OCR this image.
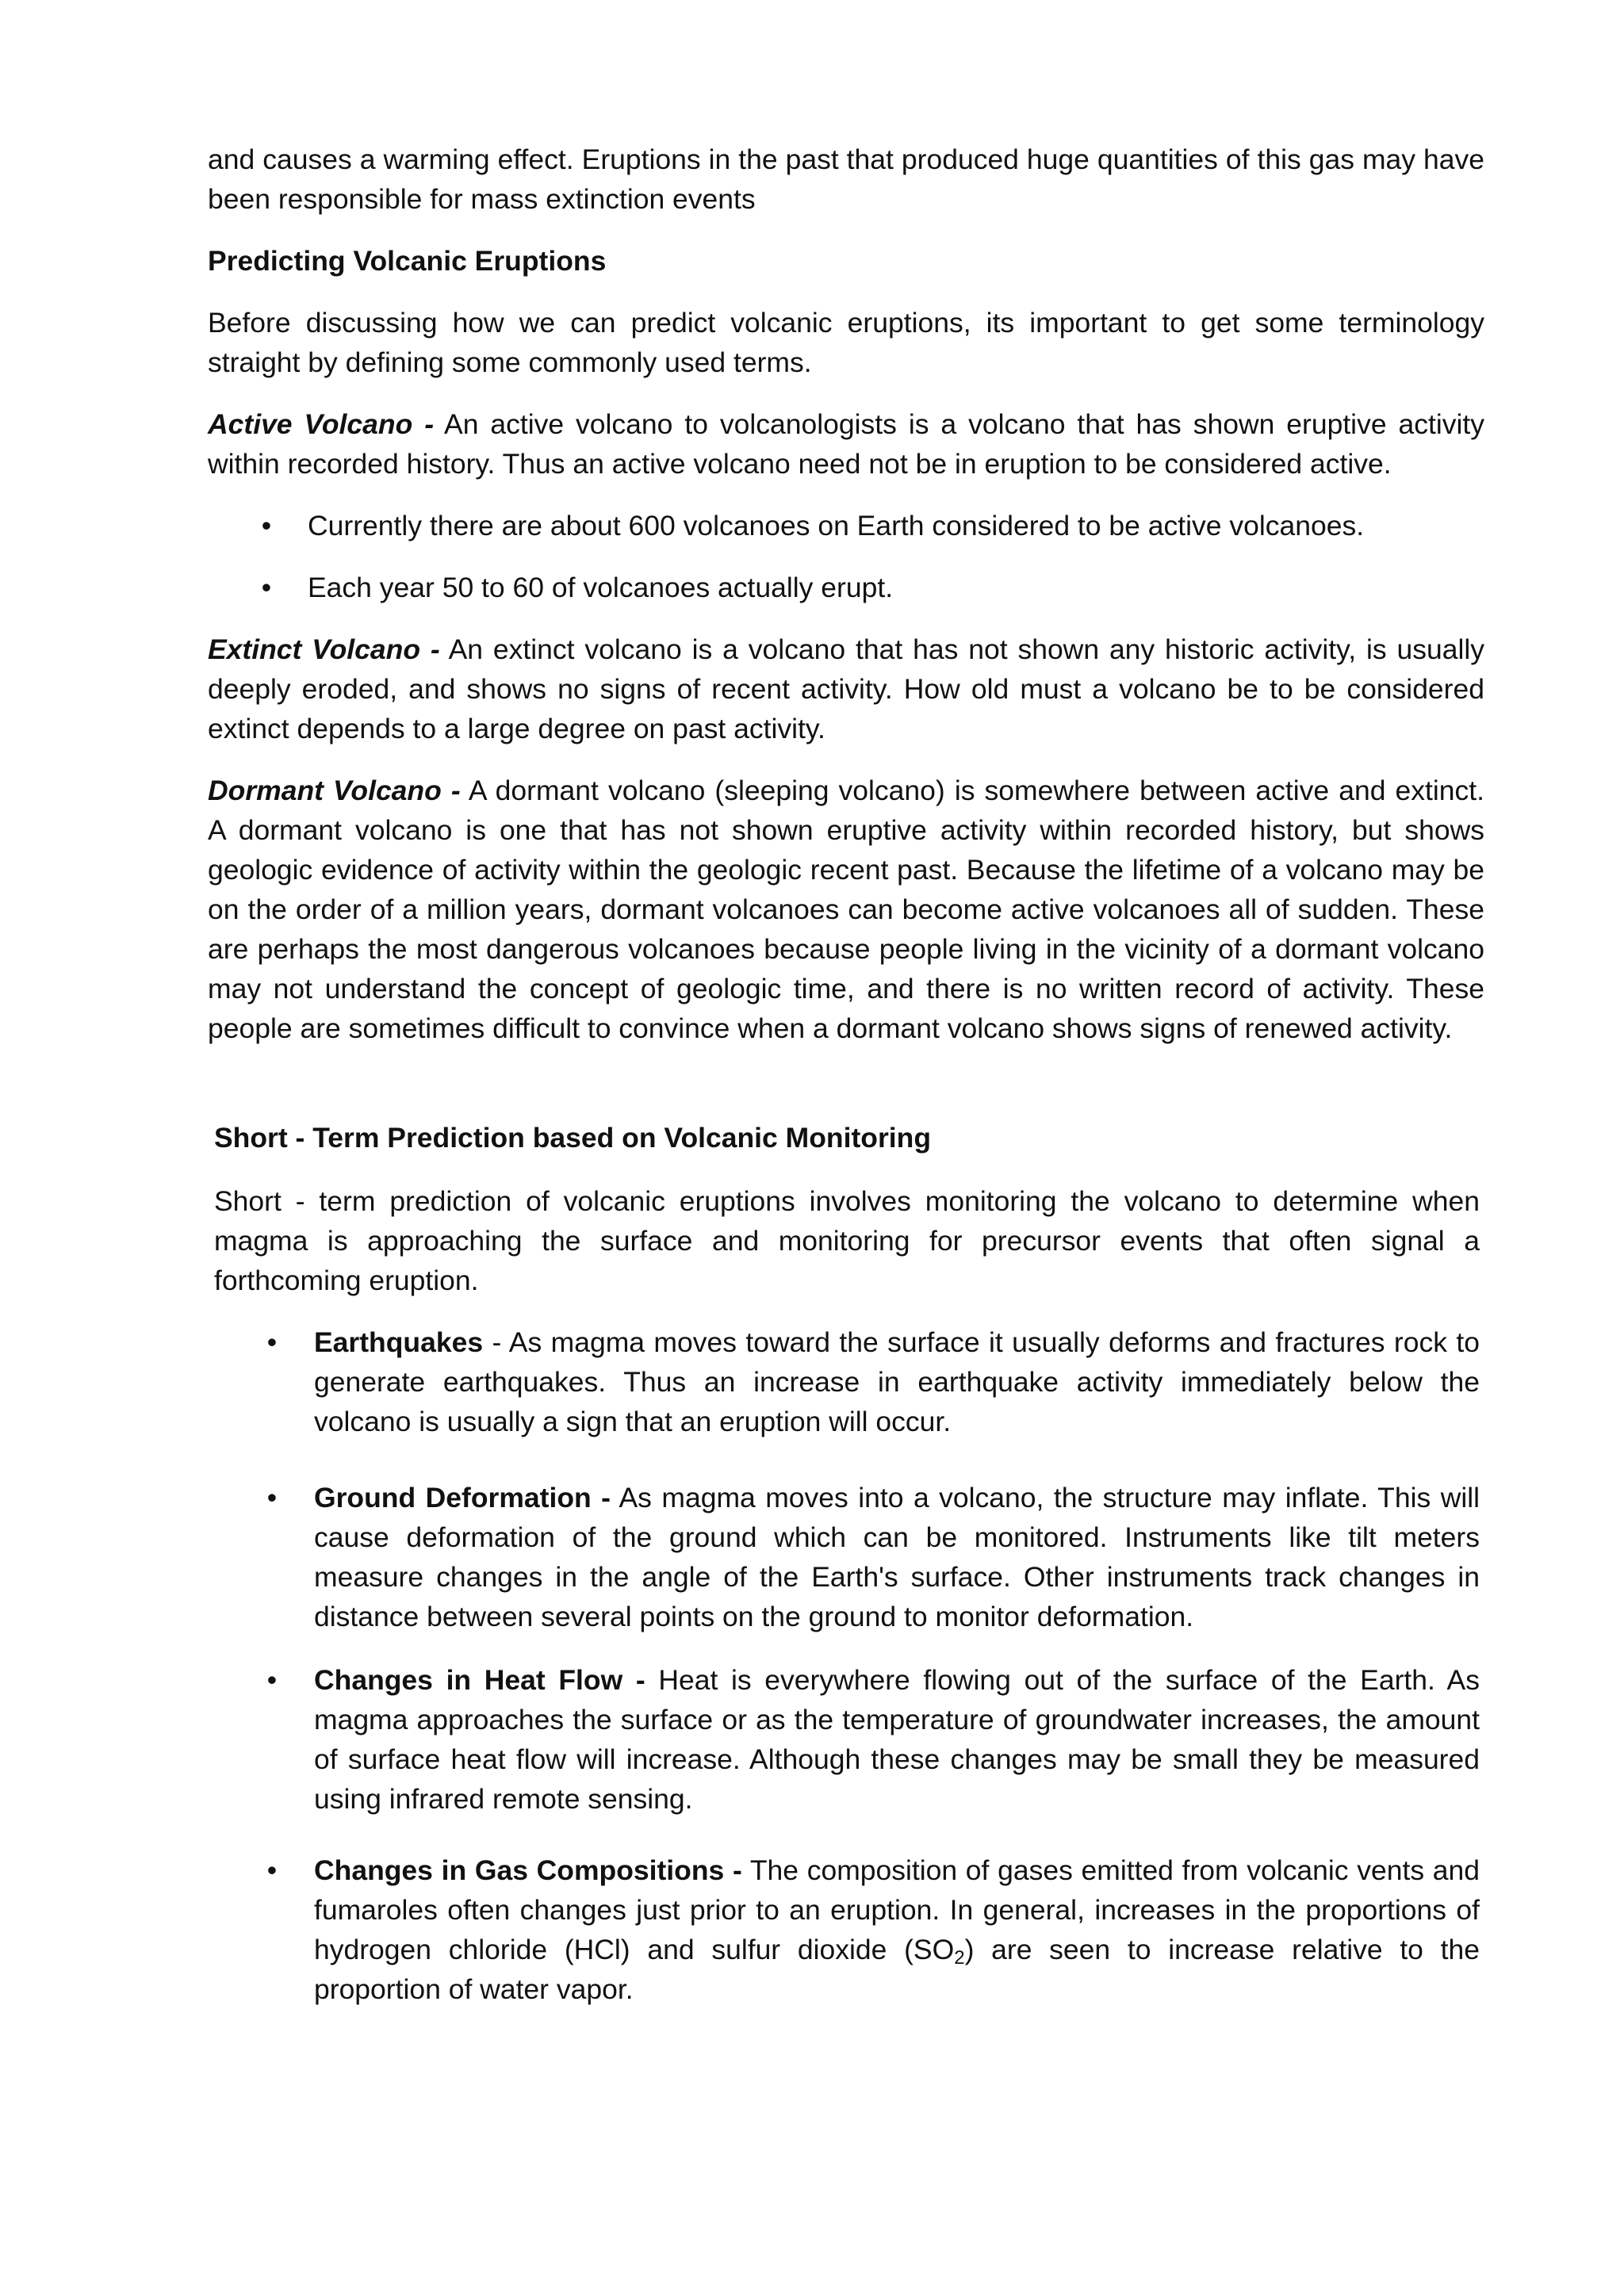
and causes a warming effect. Eruptions in the past that produced huge quantities of this gas may have been responsible for mass extinction events

Predicting Volcanic Eruptions

Before discussing how we can predict volcanic eruptions, its important to get some terminology straight by defining some commonly used terms.

Active Volcano - An active volcano to volcanologists is a volcano that has shown eruptive activity within recorded history. Thus an active volcano need not be in eruption to be considered active.

• Currently there are about 600 volcanoes on Earth considered to be active volcanoes.

• Each year 50 to 60 of volcanoes actually erupt.

Extinct Volcano - An extinct volcano is a volcano that has not shown any historic activity, is usually deeply eroded, and shows no signs of recent activity. How old must a volcano be to be considered extinct depends to a large degree on past activity.

Dormant Volcano - A dormant volcano (sleeping volcano) is somewhere between active and extinct. A dormant volcano is one that has not shown eruptive activity within recorded history, but shows geologic evidence of activity within the geologic recent past. Because the lifetime of a volcano may be on the order of a million years, dormant volcanoes can become active volcanoes all of sudden. These are perhaps the most dangerous volcanoes because people living in the vicinity of a dormant volcano may not understand the concept of geologic time, and there is no written record of activity. These people are sometimes difficult to convince when a dormant volcano shows signs of renewed activity.

Short - Term Prediction based on Volcanic Monitoring

Short - term prediction of volcanic eruptions involves monitoring the volcano to determine when magma is approaching the surface and monitoring for precursor events that often signal a forthcoming eruption.

• Earthquakes - As magma moves toward the surface it usually deforms and fractures rock to generate earthquakes. Thus an increase in earthquake activity immediately below the volcano is usually a sign that an eruption will occur.

• Ground Deformation - As magma moves into a volcano, the structure may inflate. This will cause deformation of the ground which can be monitored. Instruments like tilt meters measure changes in the angle of the Earth's surface. Other instruments track changes in distance between several points on the ground to monitor deformation.

• Changes in Heat Flow - Heat is everywhere flowing out of the surface of the Earth. As magma approaches the surface or as the temperature of groundwater increases, the amount of surface heat flow will increase. Although these changes may be small they be measured using infrared remote sensing.

• Changes in Gas Compositions - The composition of gases emitted from volcanic vents and fumaroles often changes just prior to an eruption. In general, increases in the proportions of hydrogen chloride (HCl) and sulfur dioxide $(SO_2)$ are seen to increase relative to the proportion of water vapor.
